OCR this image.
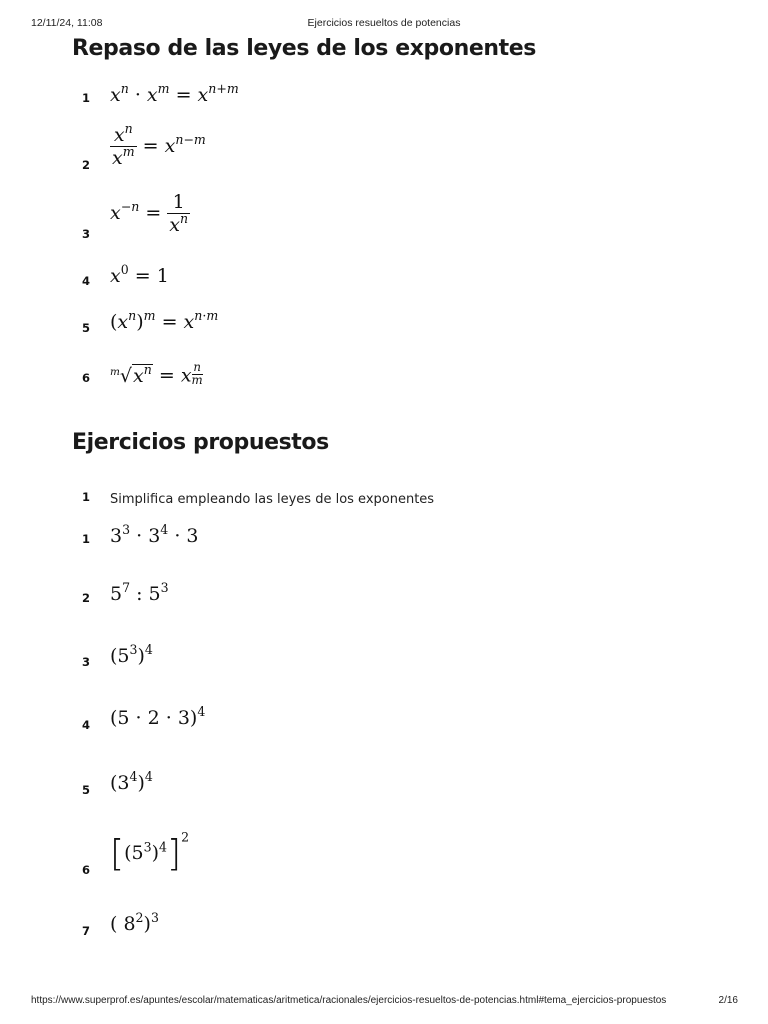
12/11/24, 11:08	Ejercicios resueltos de potencias
Repaso de las leyes de los exponentes
1 $x^n \cdot x^m = x^{n+m}$
$2 \frac{x^n}{x^m} = x^{n-m}$
3
$x^{-n} = \frac{1}{x^n}$
4 $x^0 = 1$
5 $(x^n)^m = x^{n\cdot m}$
6 $^m√x^n = x \frac{n}{m}$
Ejercicios propuestos
1 Simplifica empleando las leyes de los exponentes
1 $3^3 \cdot 3^4 \cdot 3$
2 $5^7$ : $5^3$
3 $(5^3)^4$
4 $(5 \cdot 2 \cdot 3)^4$
5 $(3^4)^4$
6 $[(5^3)^4]^2$
7 ( $8^2)^3$
https://www.superprof.es/apuntes/escolar/matematicas/aritmetica/racionales/ejercicios-resueltos-de-potencias.html#tema_ejercicios-propuestos	2/16
